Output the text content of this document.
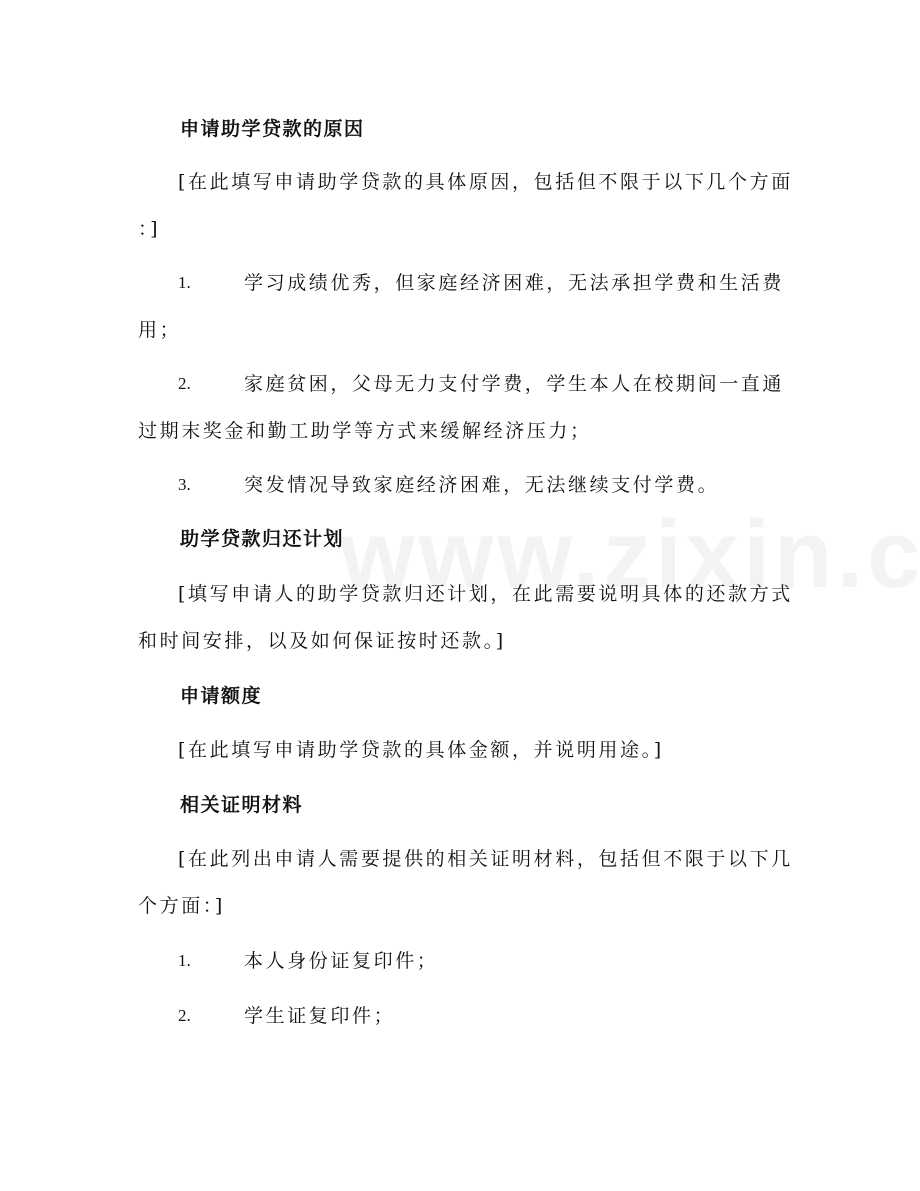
申请助学贷款的原因
[在此填写申请助学贷款的具体原因，包括但不限于以下几个方面
：]
1.	学习成绩优秀，但家庭经济困难，无法承担学费和生活费
用；
2.	家庭贫困，父母无力支付学费，学生本人在校期间一直通
过期末奖金和勤工助学等方式来缓解经济压力；
3.	突发情况导致家庭经济困难，无法继续支付学费。
助学贷款归还计划
[填写申请人的助学贷款归还计划，在此需要说明具体的还款方式
和时间安排，以及如何保证按时还款。]
申请额度
[在此填写申请助学贷款的具体金额，并说明用途。]
相关证明材料
[在此列出申请人需要提供的相关证明材料，包括但不限于以下几
个方面：]
1.	本人身份证复印件；
2.	学生证复印件；
